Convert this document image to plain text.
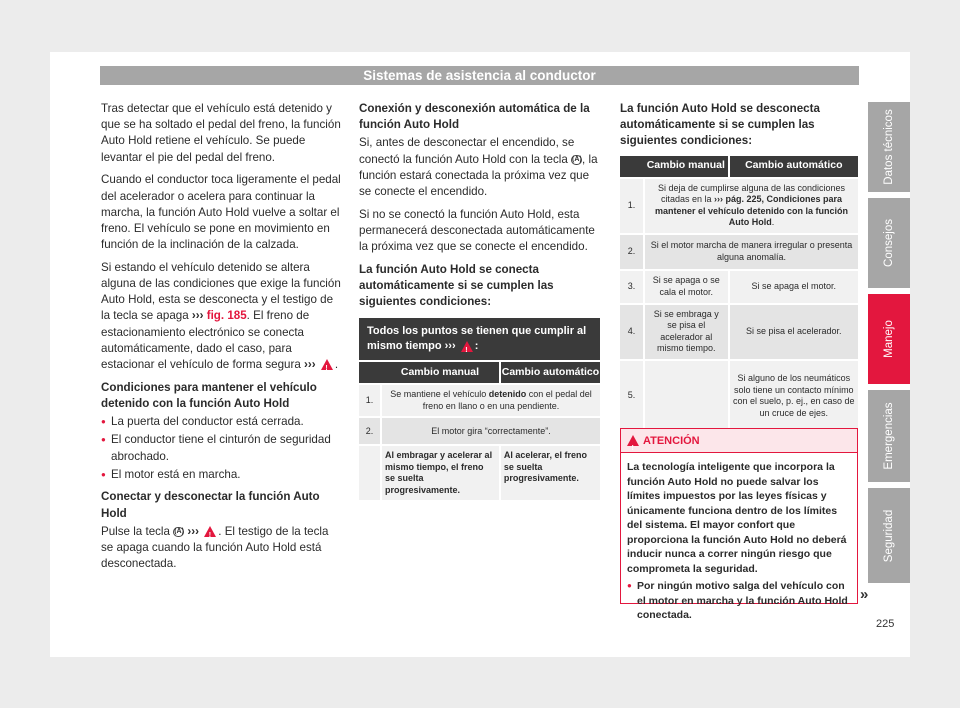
Sistemas de asistencia al conductor

Tras detectar que el vehículo está detenido y que se ha soltado el pedal del freno, la función Auto Hold retiene el vehículo. Se puede levantar el pie del pedal del freno.

Cuando el conductor toca ligeramente el pedal del acelerador o acelera para continuar la marcha, la función Auto Hold vuelve a soltar el freno. El vehículo se pone en movimiento en función de la inclinación de la calzada.

Si estando el vehículo detenido se altera alguna de las condiciones que exige la función Auto Hold, esta se desconecta y el testigo de la tecla se apaga ››› fig. 185. El freno de estacionamiento electrónico se conecta automáticamente, dado el caso, para estacionar el vehículo de forma segura ››› ! .

Condiciones para mantener el vehículo detenido con la función Auto Hold

● La puerta del conductor está cerrada.

● El conductor tiene el cinturón de seguridad abrochado.

● El motor está en marcha.

Conectar y desconectar la función Auto Hold

Pulse la tecla (A) ››› ! . El testigo de la tecla se apaga cuando la función Auto Hold está desconectada.

Conexión y desconexión automática de la función Auto Hold

Si, antes de desconectar el encendido, se conectó la función Auto Hold con la tecla (A), la función estará conectada la próxima vez que se conecte el encendido.

Si no se conectó la función Auto Hold, esta permanecerá desconectada automáticamente la próxima vez que se conecte el encendido.

La función Auto Hold se conecta automáticamente si se cumplen las siguientes condiciones:

Todos los puntos se tienen que cumplir al mismo tiempo ››› ! :
	Cambio manual	Cambio automático
1.	Se mantiene el vehículo detenido con el pedal del freno en llano o en una pendiente.	
2.	El motor gira “correctamente”.	
	Al embragar y acelerar al mismo tiempo, el freno se suelta progresivamente.	Al acelerar, el freno se suelta progresivamente.

La función Auto Hold se desconecta automáticamente si se cumplen las siguientes condiciones:

	Cambio manual	Cambio automático
1.	Si deja de cumplirse alguna de las condiciones citadas en la ››› pág. 225, Condiciones para mantener el vehículo detenido con la función Auto Hold.	
2.	Si el motor marcha de manera irregular o presenta alguna anomalía.	
3.	Si se apaga o se cala el motor.	Si se apaga el motor.
4.	Si se embraga y se pisa el acelerador al mismo tiempo.	Si se pisa el acelerador.
5.		Si alguno de los neumáticos solo tiene un contacto mínimo con el suelo, p. ej., en caso de un cruce de ejes.
!
ATENCIÓN

La tecnología inteligente que incorpora la función Auto Hold no puede salvar los límites impuestos por las leyes físicas y únicamente funciona dentro de los límites del sistema. El mayor confort que proporciona la función Auto Hold no deberá inducir nunca a correr ningún riesgo que comprometa la seguridad.

● Por ningún motivo salga del vehículo con el motor en marcha y la función Auto Hold conectada.

»
Datos técnicos
Consejos
Manejo
Emergencias
Seguridad
225
